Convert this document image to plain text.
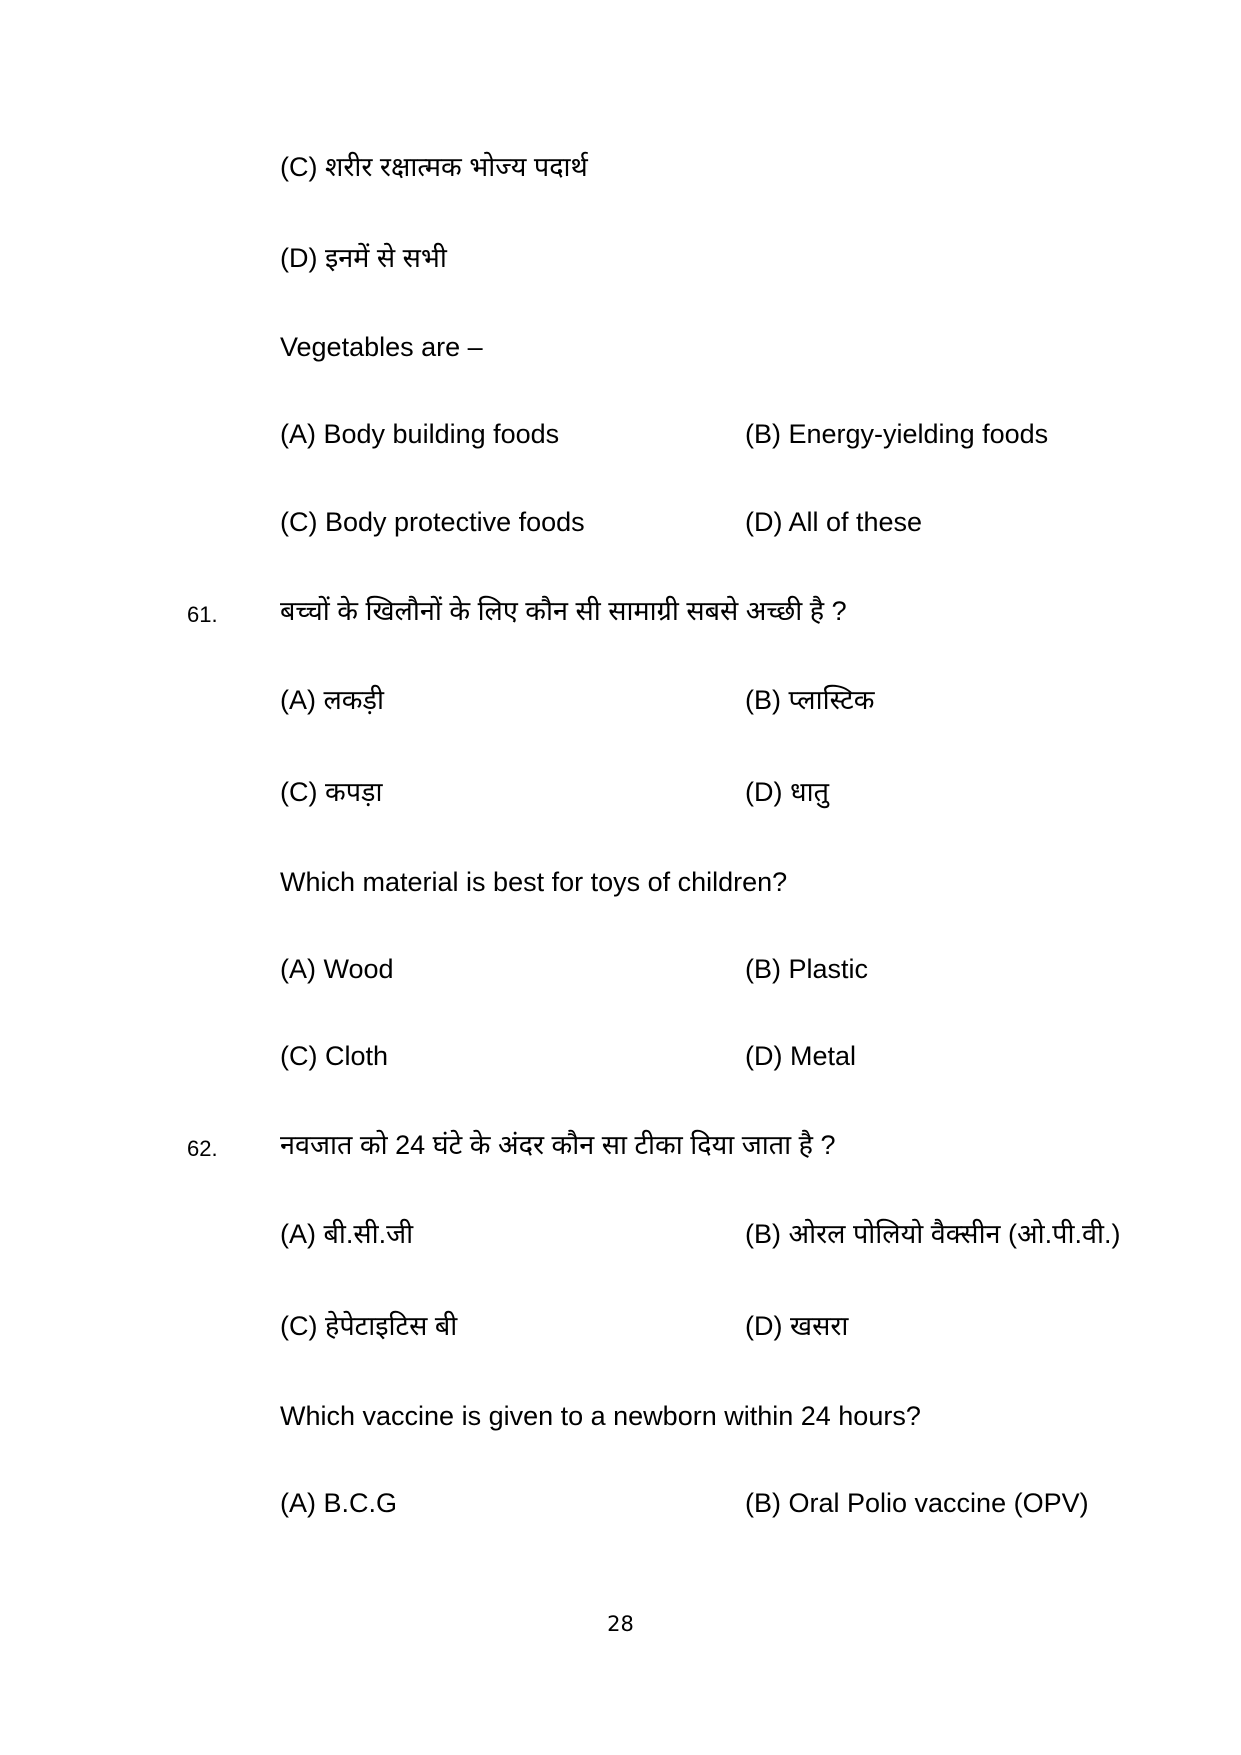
(C) शरीर रक्षात्मक भोज्य पदार्थ
(D) इनमें से सभी
Vegetables are –
(A) Body building foods	(B) Energy-yielding foods
(C) Body protective foods	(D) All of these
61. बच्चों के खिलौनों के लिए कौन सी सामाग्री सबसे अच्छी है ?
(A) लकड़ी	(B) प्लास्टिक
(C) कपड़ा	(D) धातु
Which material is best for toys of children?
(A) Wood	(B) Plastic
(C) Cloth	(D) Metal
62. नवजात को 24 घंटे के अंदर कौन सा टीका दिया जाता है ?
(A) बी.सी.जी	(B) ओरल पोलियो वैक्सीन (ओ.पी.वी.)
(C) हेपेटाइटिस बी	(D) खसरा
Which vaccine is given to a newborn within 24 hours?
(A) B.C.G	(B) Oral Polio vaccine (OPV)
28
